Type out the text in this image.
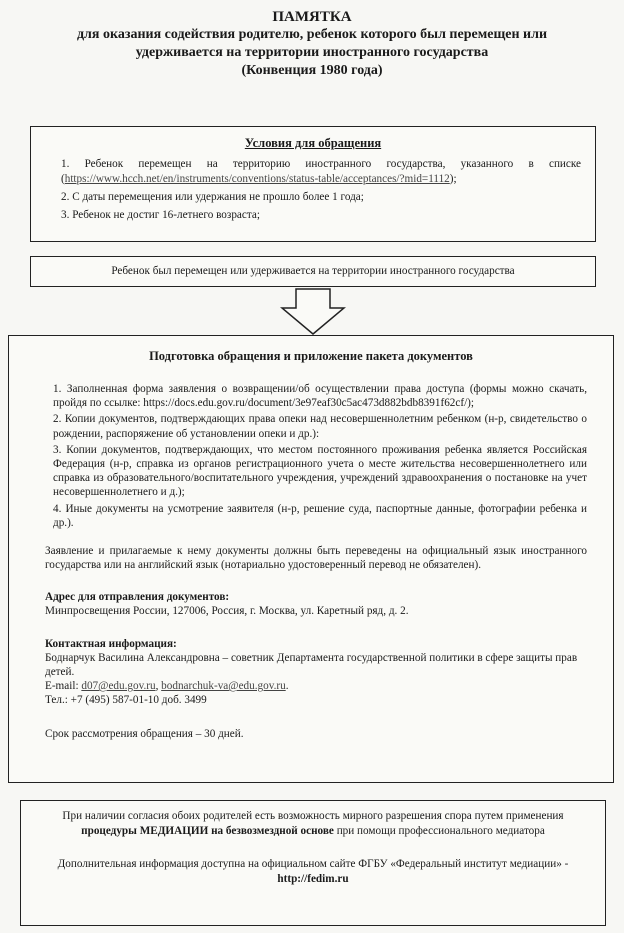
ПАМЯТКА
для оказания содействия родителю, ребенок которого был перемещен или
удерживается на территории иностранного государства
(Конвенция 1980 года)
Условия для обращения
1. Ребенок перемещен на территорию иностранного государства, указанного в списке (https://www.hcch.net/en/instruments/conventions/status-table/acceptances/?mid=1112);
2. С даты перемещения или удержания не прошло более 1 года;
3. Ребенок не достиг 16-летнего возраста;
Ребенок был перемещен или удерживается на территории иностранного государства
Подготовка обращения и приложение пакета документов
1. Заполненная форма заявления о возвращении/об осуществлении права доступа (формы можно скачать, пройдя по ссылке: https://docs.edu.gov.ru/document/3e97eaf30c5ac473d882bdb8391f62cf/);
2. Копии документов, подтверждающих права опеки над несовершеннолетним ребенком (н-р, свидетельство о рождении, распоряжение об установлении опеки и др.):
3. Копии документов, подтверждающих, что местом постоянного проживания ребенка является Российская Федерация (н-р, справка из органов регистрационного учета о месте жительства несовершеннолетнего или справка из образовательного/воспитательного учреждения, учреждений здравоохранения о постановке на учет несовершеннолетнего и д.);
4. Иные документы на усмотрение заявителя (н-р, решение суда, паспортные данные, фотографии ребенка и др.).

Заявление и прилагаемые к нему документы должны быть переведены на официальный язык иностранного государства или на английский язык (нотариально удостоверенный перевод не обязателен).

Адрес для отправления документов:
Минпросвещения России, 127006, Россия, г. Москва, ул. Каретный ряд, д. 2.
Контактная информация:
Боднарчук Василина Александровна – советник Департамента государственной политики в сфере защиты прав детей.
E-mail: d07@edu.gov.ru, bodnarchuk-va@edu.gov.ru.
Тел.: +7 (495) 587-01-10 доб. 3499
Срок рассмотрения обращения – 30 дней.

При наличии согласия обоих родителей есть возможность мирного разрешения спора путем применения процедуры МЕДИАЦИИ на безвозмездной основе при помощи профессионального медиатора

Дополнительная информация доступна на официальном сайте ФГБУ «Федеральный институт медиации» - http://fedim.ru
